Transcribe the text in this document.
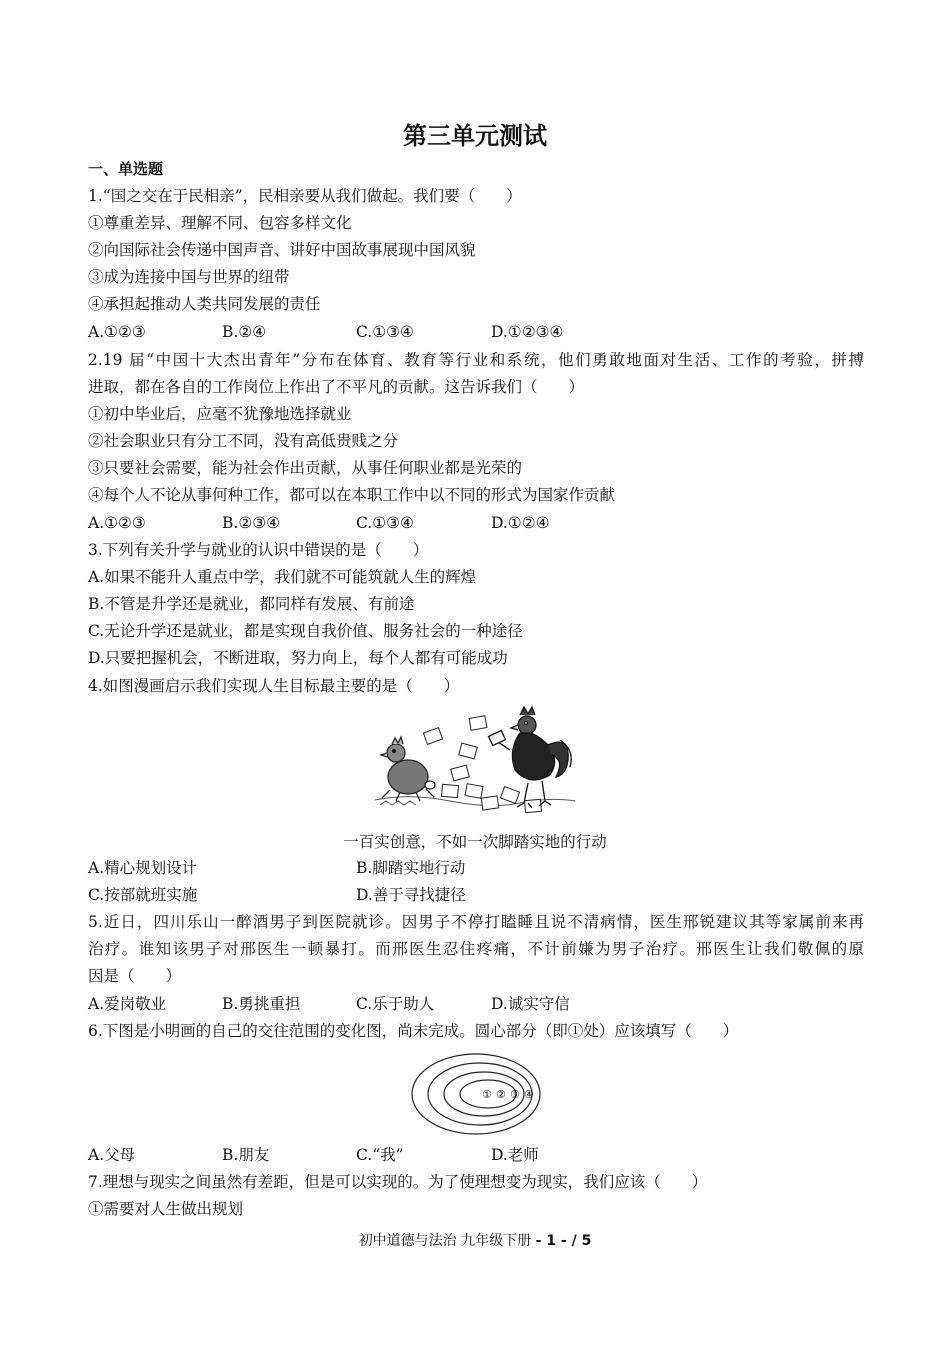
第三单元测试
一、单选题
1.“国之交在于民相亲”，民相亲要从我们做起。我们要（　　）
①尊重差异、理解不同、包容多样文化
②向国际社会传递中国声音、讲好中国故事展现中国风貌
③成为连接中国与世界的纽带
④承担起推动人类共同发展的责任
A.①②③	B.②④	C.①③④	D.①②③④
2.19 届“中国十大杰出青年”分布在体育、教育等行业和系统，他们勇敢地面对生活、工作的考验，拼搏
进取，都在各自的工作岗位上作出了不平凡的贡献。这告诉我们（　　）
①初中毕业后，应毫不犹豫地选择就业
②社会职业只有分工不同，没有高低贵贱之分
③只要社会需要，能为社会作出贡献，从事任何职业都是光荣的
④每个人不论从事何种工作，都可以在本职工作中以不同的形式为国家作贡献
A.①②③	B.②③④	C.①③④	D.①②④
3.下列有关升学与就业的认识中错误的是（　　）
A.如果不能升人重点中学，我们就不可能筑就人生的辉煌
B.不管是升学还是就业，都同样有发展、有前途
C.无论升学还是就业，都是实现自我价值、服务社会的一种途径
D.只要把握机会，不断进取，努力向上，每个人都有可能成功
4.如图漫画启示我们实现人生目标最主要的是（　　）
一百实创意，不如一次脚踏实地的行动
A.精心规划设计	B.脚踏实地行动
C.按部就班实施	D.善于寻找捷径
5.近日，四川乐山一醉酒男子到医院就诊。因男子不停打瞌睡且说不清病情，医生邢锐建议其等家属前来再
治疗。谁知该男子对邢医生一顿暴打。而邢医生忍住疼痛，不计前嫌为男子治疗。邢医生让我们敬佩的原
因是（　　）
A.爱岗敬业	B.勇挑重担	C.乐于助人	D.诚实守信
6.下图是小明画的自己的交往范围的变化图，尚未完成。圆心部分（即①处）应该填写（　　）
① ② ③ ④
A.父母	B.朋友	C.“我”	D.老师
7.理想与现实之间虽然有差距，但是可以实现的。为了使理想变为现实，我们应该（　　）
①需要对人生做出规划
初中道德与法治 九年级下册 - 1 - / 5
